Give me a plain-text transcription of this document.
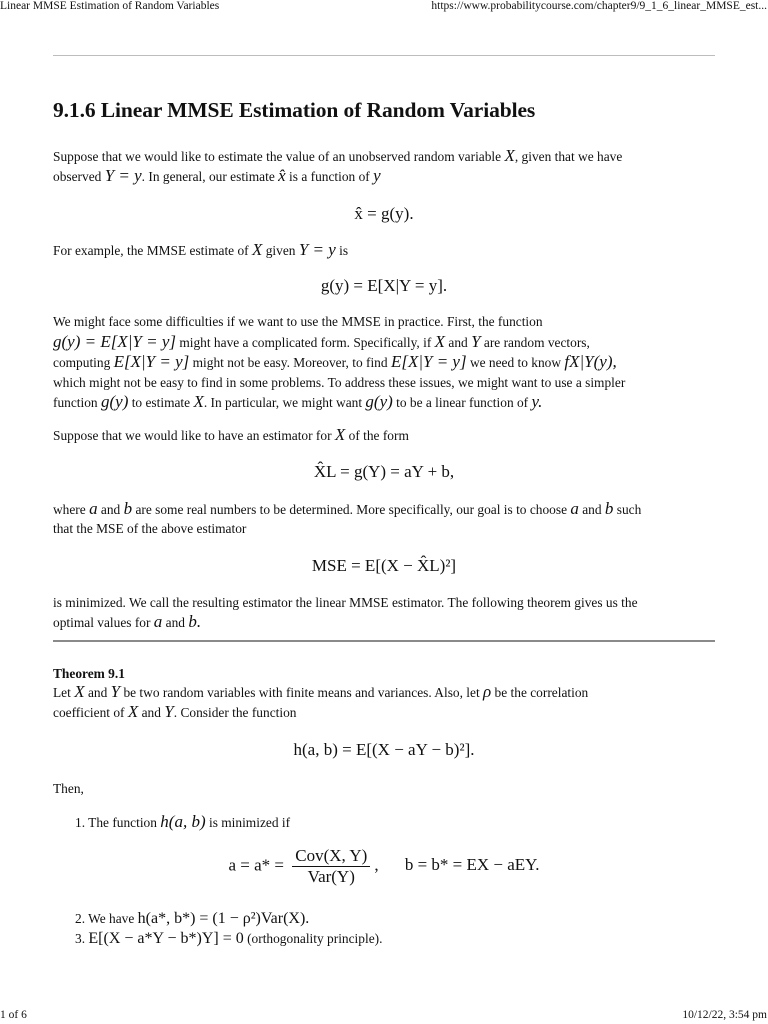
Linear MMSE Estimation of Random Variables	https://www.probabilitycourse.com/chapter9/9_1_6_linear_MMSE_est...
9.1.6 Linear MMSE Estimation of Random Variables

Suppose that we would like to estimate the value of an unobserved random variable X, given that we have
observed Y = y. In general, our estimate x̂ is a function of y

x̂ = g(y).

For example, the MMSE estimate of X given Y = y is

g(y) = E[X|Y = y].

We might face some difficulties if we want to use the MMSE in practice. First, the function
g(y) = E[X|Y = y] might have a complicated form. Specifically, if X and Y are random vectors,
computing E[X|Y = y] might not be easy. Moreover, to find E[X|Y = y] we need to know fX|Y(y),
which might not be easy to find in some problems. To address these issues, we might want to use a simpler
function g(y) to estimate X. In particular, we might want g(y) to be a linear function of y.

Suppose that we would like to have an estimator for X of the form

X̂L = g(Y) = aY + b,

where a and b are some real numbers to be determined. More specifically, our goal is to choose a and b such
that the MSE of the above estimator

MSE = E[(X − X̂L)²]

is minimized. We call the resulting estimator the linear MMSE estimator. The following theorem gives us the
optimal values for a and b.

Theorem 9.1

Let X and Y be two random variables with finite means and variances. Also, let ρ be the correlation
coefficient of X and Y. Consider the function

h(a, b) = E[(X − aY − b)²].

Then,

1. The function h(a, b) is minimized if

$a = a* = \frac{\text{Cov(X, Y)}}{\text{Var(Y)}}$ , b = b* = EX − aEY.

2. We have h(a*, b*) = (1 − ρ²)Var(X).

3. E[(X − a*Y − b*)Y] = 0 (orthogonality principle).

1 of 6	10/12/22, 3:54 pm
